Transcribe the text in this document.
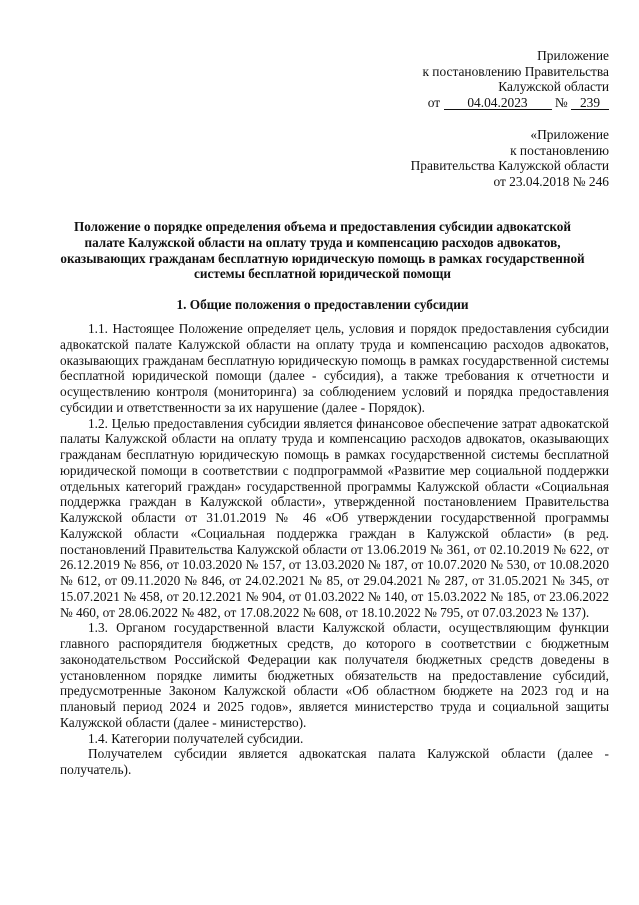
Приложение
к постановлению Правительства
Калужской области
от 04.04.2023 № 239
«Приложение
к постановлению
Правительства Калужской области
от 23.04.2018 № 246
Положение о порядке определения объема и предоставления субсидии адвокатской палате Калужской области на оплату труда и компенсацию расходов адвокатов, оказывающих гражданам бесплатную юридическую помощь в рамках государственной системы бесплатной юридической помощи
1. Общие положения о предоставлении субсидии

1.1. Настоящее Положение определяет цель, условия и порядок предоставления субсидии адвокатской палате Калужской области на оплату труда и компенсацию расходов адвокатов, оказывающих гражданам бесплатную юридическую помощь в рамках государственной системы бесплатной юридической помощи (далее - субсидия), а также требования к отчетности и осуществлению контроля (мониторинга) за соблюдением условий и порядка предоставления субсидии и ответственности за их нарушение (далее - Порядок).

1.2. Целью предоставления субсидии является финансовое обеспечение затрат адвокатской палаты Калужской области на оплату труда и компенсацию расходов адвокатов, оказывающих гражданам бесплатную юридическую помощь в рамках государственной системы бесплатной юридической помощи в соответствии с подпрограммой «Развитие мер социальной поддержки отдельных категорий граждан» государственной программы Калужской области «Социальная поддержка граждан в Калужской области», утвержденной постановлением Правительства Калужской области от 31.01.2019 № 46 «Об утверждении государственной программы Калужской области «Социальная поддержка граждан в Калужской области» (в ред. постановлений Правительства Калужской области от 13.06.2019 № 361, от 02.10.2019 № 622, от 26.12.2019 № 856, от 10.03.2020 № 157, от 13.03.2020 № 187, от 10.07.2020 № 530, от 10.08.2020 № 612, от 09.11.2020 № 846, от 24.02.2021 № 85, от 29.04.2021 № 287, от 31.05.2021 № 345, от 15.07.2021 № 458, от 20.12.2021 № 904, от 01.03.2022 № 140, от 15.03.2022 № 185, от 23.06.2022 № 460, от 28.06.2022 № 482, от 17.08.2022 № 608, от 18.10.2022 № 795, от 07.03.2023 № 137).

1.3. Органом государственной власти Калужской области, осуществляющим функции главного распорядителя бюджетных средств, до которого в соответствии с бюджетным законодательством Российской Федерации как получателя бюджетных средств доведены в установленном порядке лимиты бюджетных обязательств на предоставление субсидий, предусмотренные Законом Калужской области «Об областном бюджете на 2023 год и на плановый период 2024 и 2025 годов», является министерство труда и социальной защиты Калужской области (далее - министерство).

1.4. Категории получателей субсидии.

Получателем субсидии является адвокатская палата Калужской области (далее - получатель).
